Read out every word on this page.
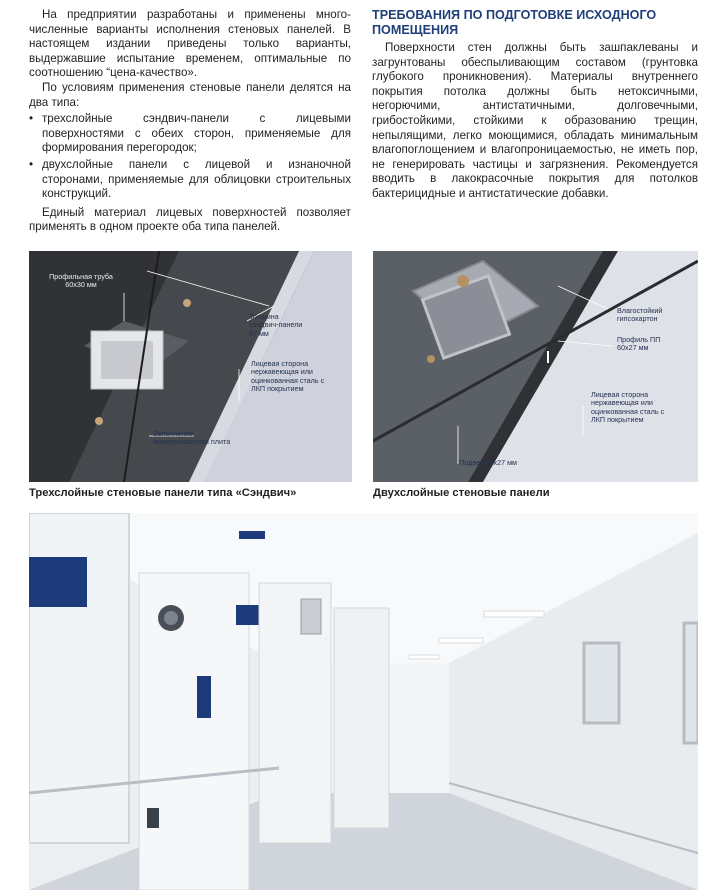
На предприятии разработаны и применены многочисленные варианты исполнения стеновых панелей. В настоящем издании приведены только варианты, выдержавшие испытание временем, оптимальные по соотношению “цена-качество».

По условиям применения стеновые панели делятся на два типа:

• трехслойные сэндвич-панели с лицевыми поверхностями с обеих сторон, применяемые для формирования перегородок;
• двухслойные панели с лицевой и изнаночной сторонами, применяемые для облицовки строительных конструкций.

Единый материал лицевых поверхностей позволяет применять в одном проекте оба типа панелей.

ТРЕБОВАНИЯ ПО ПОДГОТОВКЕ ИСХОДНОГО ПОМЕЩЕНИЯ

Поверхности стен должны быть зашпаклеваны и загрунтованы обеспыливающим составом (грунтовка глубокого проникновения). Материалы внутреннего покрытия потолка должны быть нетоксичными, негорючими, антистатичными, долговечными, грибостойкими, стойкими к образованию трещин, непылящими, легко моющимися, обладать минимальным влагопоглощением и влагопроницаемостью, не иметь пор, не генерировать частицы и загрязнения. Рекомендуется вводить в лакокрасочные покрытия для потолков бактерицидные и антистатические добавки.

Профильная труба
60х30 мм
Толщина
сэндвич-панели
67 мм
Лицевая сторона
нержавеющая или
оцинкованная сталь с
ЛКП покрытием
Заполнение
минераловатная плита
Влагостойкий
гипсокартон
Профиль ПП
60х27 мм
Лицевая сторона
нержавеющая или
оцинкованная сталь с
ЛКП покрытием
Подвес 60х27 мм
Трехслойные стеновые панели типа «Сэндвич»	Двухслойные стеновые панели
